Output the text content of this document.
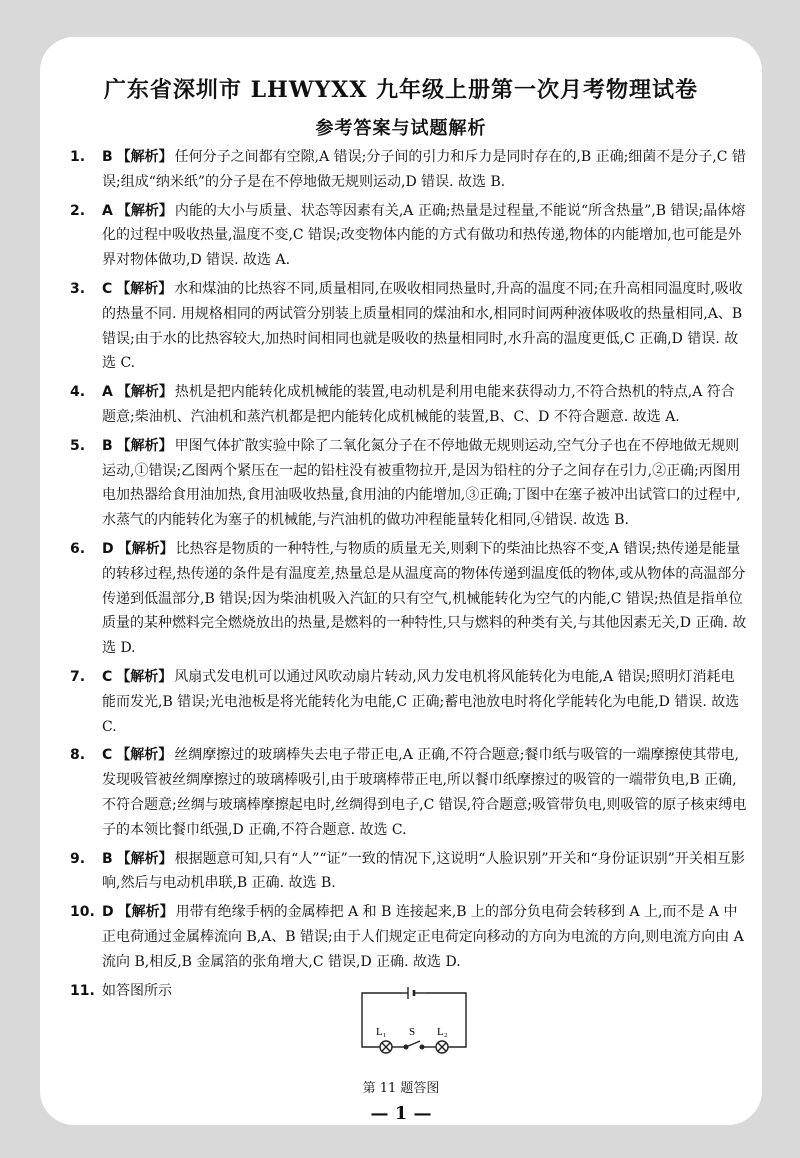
广东省深圳市 LHWYXX 九年级上册第一次月考物理试卷
参考答案与试题解析
1. B 【解析】 任何分子之间都有空隙,A 错误;分子间的引力和斥力是同时存在的,B 正确;细菌不是分子,C 错误;组成“纳米纸”的分子是在不停地做无规则运动,D 错误. 故选 B.
2. A 【解析】 内能的大小与质量、状态等因素有关,A 正确;热量是过程量,不能说“所含热量”,B 错误;晶体熔化的过程中吸收热量,温度不变,C 错误;改变物体内能的方式有做功和热传递,物体的内能增加,也可能是外界对物体做功,D 错误. 故选 A.
3. C 【解析】 水和煤油的比热容不同,质量相同,在吸收相同热量时,升高的温度不同;在升高相同温度时,吸收的热量不同. 用规格相同的两试管分别装上质量相同的煤油和水,相同时间两种液体吸收的热量相同,A、B 错误;由于水的比热容较大,加热时间相同也就是吸收的热量相同时,水升高的温度更低,C 正确,D 错误. 故选 C.
4. A 【解析】 热机是把内能转化成机械能的装置,电动机是利用电能来获得动力,不符合热机的特点,A 符合题意;柴油机、汽油机和蒸汽机都是把内能转化成机械能的装置,B、C、D 不符合题意. 故选 A.
5. B 【解析】 甲图气体扩散实验中除了二氧化氮分子在不停地做无规则运动,空气分子也在不停地做无规则运动,①错误;乙图两个紧压在一起的铅柱没有被重物拉开,是因为铅柱的分子之间存在引力,②正确;丙图用电加热器给食用油加热,食用油吸收热量,食用油的内能增加,③正确;丁图中在塞子被冲出试管口的过程中,水蒸气的内能转化为塞子的机械能,与汽油机的做功冲程能量转化相同,④错误. 故选 B.
6. D 【解析】 比热容是物质的一种特性,与物质的质量无关,则剩下的柴油比热容不变,A 错误;热传递是能量的转移过程,热传递的条件是有温度差,热量总是从温度高的物体传递到温度低的物体,或从物体的高温部分传递到低温部分,B 错误;因为柴油机吸入汽缸的只有空气,机械能转化为空气的内能,C 错误;热值是指单位质量的某种燃料完全燃烧放出的热量,是燃料的一种特性,只与燃料的种类有关,与其他因素无关,D 正确. 故选 D.
7. C 【解析】 风扇式发电机可以通过风吹动扇片转动,风力发电机将风能转化为电能,A 错误;照明灯消耗电能而发光,B 错误;光电池板是将光能转化为电能,C 正确;蓄电池放电时将化学能转化为电能,D 错误. 故选 C.
8. C 【解析】 丝绸摩擦过的玻璃棒失去电子带正电,A 正确,不符合题意;餐巾纸与吸管的一端摩擦使其带电,发现吸管被丝绸摩擦过的玻璃棒吸引,由于玻璃棒带正电,所以餐巾纸摩擦过的吸管的一端带负电,B 正确,不符合题意;丝绸与玻璃棒摩擦起电时,丝绸得到电子,C 错误,符合题意;吸管带负电,则吸管的原子核束缚电子的本领比餐巾纸强,D 正确,不符合题意. 故选 C.
9. B 【解析】 根据题意可知,只有“人”“证”一致的情况下,这说明“人脸识别”开关和“身份证识别”开关相互影响,然后与电动机串联,B 正确. 故选 B.
10. D 【解析】 用带有绝缘手柄的金属棒把 A 和 B 连接起来,B 上的部分负电荷会转移到 A 上,而不是 A 中正电荷通过金属棒流向 B,A、B 错误;由于人们规定正电荷定向移动的方向为电流的方向,则电流方向由 A 流向 B,相反,B 金属箔的张角增大,C 错误,D 正确. 故选 D.
11. 如答图所示
L₁ S L₂
第 11 题答图
— 1 —
